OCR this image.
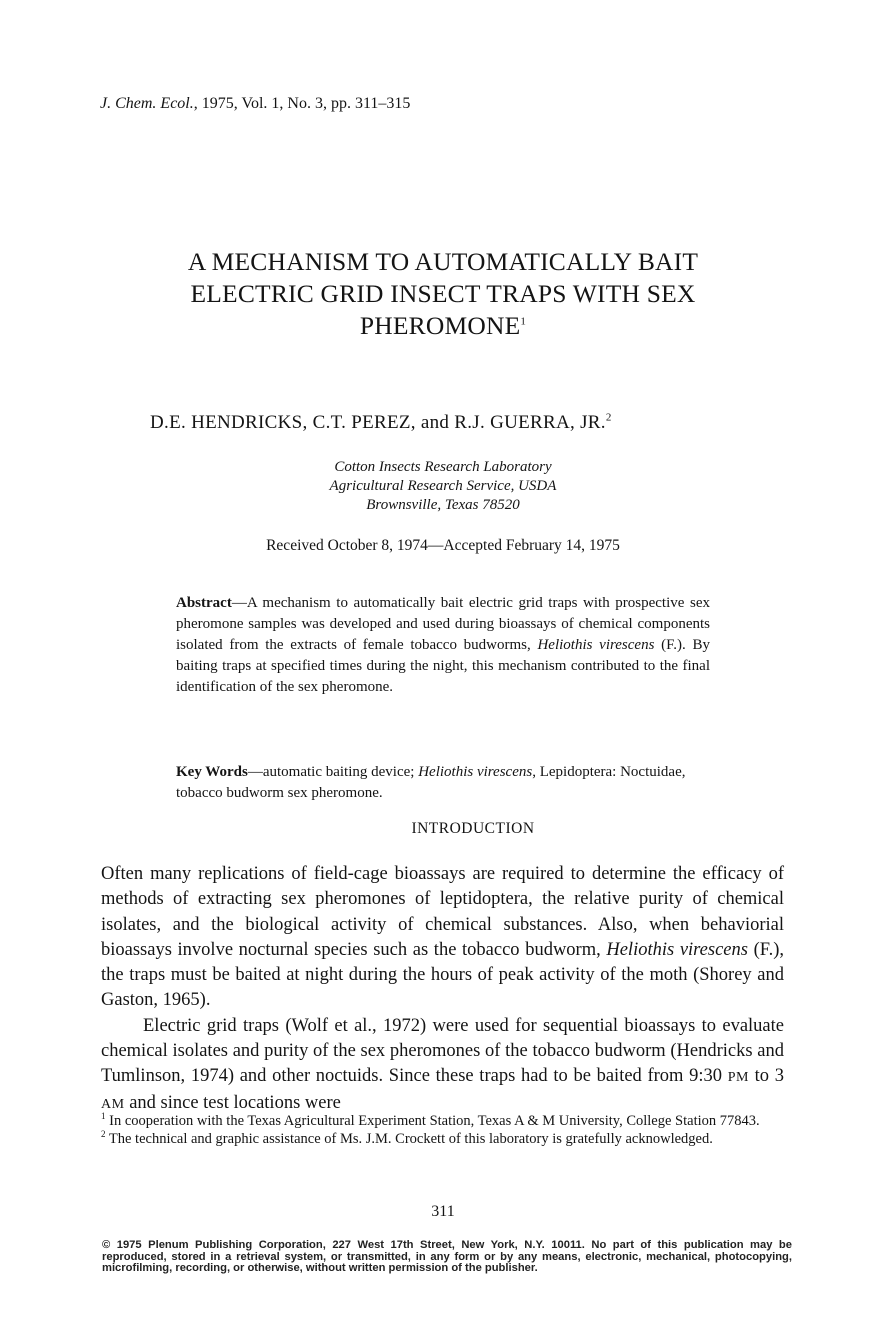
J. Chem. Ecol., 1975, Vol. 1, No. 3, pp. 311–315
A MECHANISM TO AUTOMATICALLY BAIT
ELECTRIC GRID INSECT TRAPS WITH SEX
PHEROMONE$^1$
D.E. HENDRICKS, C.T. PEREZ, and R.J. GUERRA, JR.$^2$
Cotton Insects Research Laboratory
Agricultural Research Service, USDA
Brownsville, Texas 78520
Received October 8, 1974—Accepted February 14, 1975
Abstract—A mechanism to automatically bait electric grid traps with prospective sex pheromone samples was developed and used during bioassays of chemical components isolated from the extracts of female tobacco budworms, Heliothis virescens (F.). By baiting traps at specified times during the night, this mechanism contributed to the final identification of the sex pheromone.
Key Words—automatic baiting device; Heliothis virescens, Lepidoptera: Noctuidae, tobacco budworm sex pheromone.
INTRODUCTION

Often many replications of field-cage bioassays are required to determine the efficacy of methods of extracting sex pheromones of leptidoptera, the relative purity of chemical isolates, and the biological activity of chemical substances. Also, when behaviorial bioassays involve nocturnal species such as the tobacco budworm, Heliothis virescens (F.), the traps must be baited at night during the hours of peak activity of the moth (Shorey and Gaston, 1965).

Electric grid traps (Wolf et al., 1972) were used for sequential bioassays to evaluate chemical isolates and purity of the sex pheromones of the tobacco budworm (Hendricks and Tumlinson, 1974) and other noctuids. Since these traps had to be baited from 9:30 PM to 3 AM and since test locations were

$^1$ In cooperation with the Texas Agricultural Experiment Station, Texas A & M University, College Station 77843.
$^2$ The technical and graphic assistance of Ms. J.M. Crockett of this laboratory is gratefully acknowledged.
311
© 1975 Plenum Publishing Corporation, 227 West 17th Street, New York, N.Y. 10011. No part of this publication may be reproduced, stored in a retrieval system, or transmitted, in any form or by any means, electronic, mechanical, photocopying, microfilming, recording, or otherwise, without written permission of the publisher.
